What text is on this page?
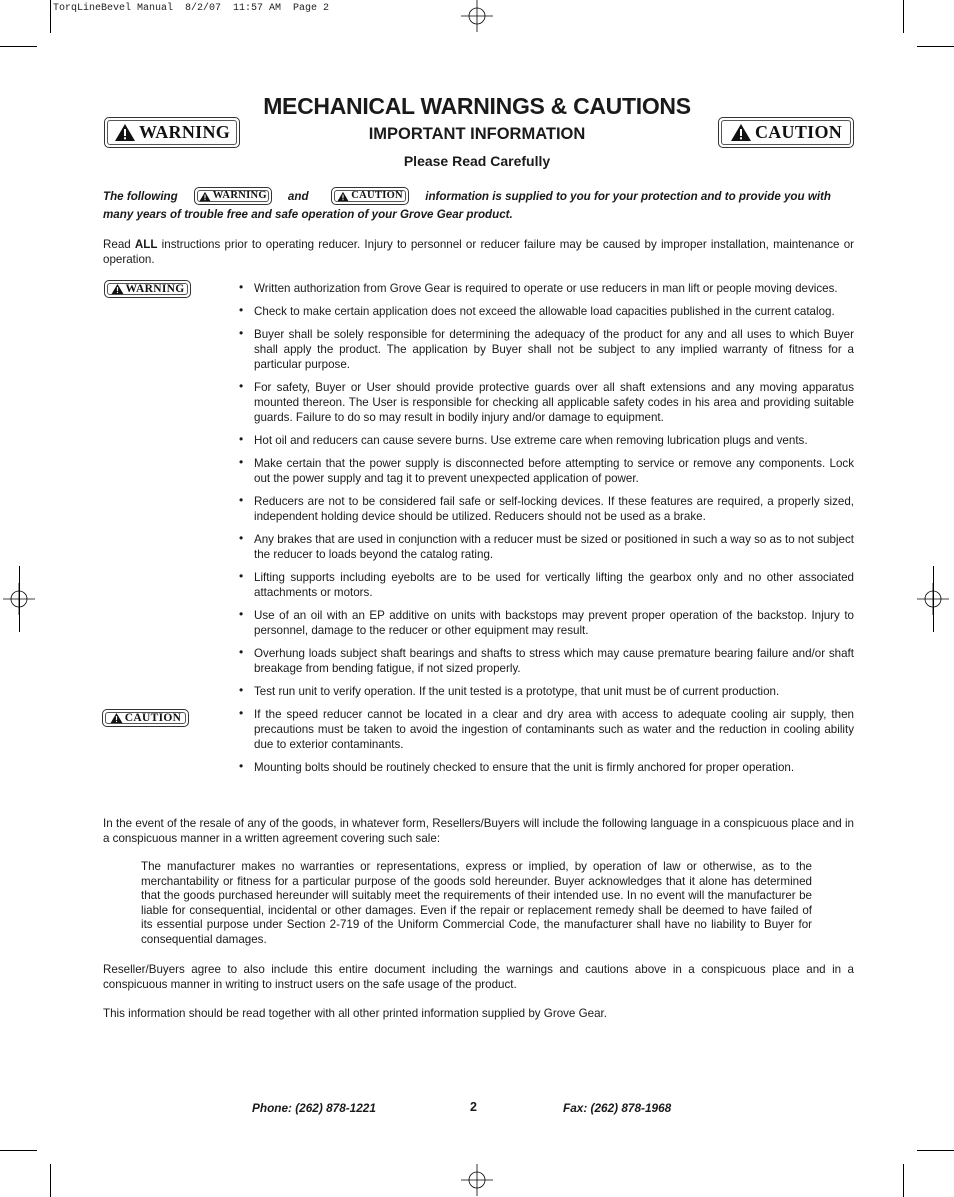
TorqLineBevel Manual  8/2/07  11:57 AM  Page 2
WARNING	CAUTION
MECHANICAL WARNINGS & CAUTIONS
IMPORTANT INFORMATION
Please Read Carefully

The following	WARNING and	CAUTION information is supplied to you for your protection and to provide you with many years of trouble free and safe operation of your Grove Gear product.

Read ALL instructions prior to operating reducer. Injury to personnel or reducer failure may be caused by improper installation, maintenance or operation.

WARNING
CAUTION
• Written authorization from Grove Gear is required to operate or use reducers in man lift or people moving devices.
• Check to make certain application does not exceed the allowable load capacities published in the current catalog.
• Buyer shall be solely responsible for determining the adequacy of the product for any and all uses to which Buyer shall apply the product. The application by Buyer shall not be subject to any implied warranty of fitness for a particular purpose.
• For safety, Buyer or User should provide protective guards over all shaft extensions and any moving apparatus mounted thereon. The User is responsible for checking all applicable safety codes in his area and providing suitable guards. Failure to do so may result in bodily injury and/or damage to equipment.
• Hot oil and reducers can cause severe burns. Use extreme care when removing lubrication plugs and vents.
• Make certain that the power supply is disconnected before attempting to service or remove any components. Lock out the power supply and tag it to prevent unexpected application of power.
• Reducers are not to be considered fail safe or self-locking devices. If these features are required, a properly sized, independent holding device should be utilized. Reducers should not be used as a brake.
• Any brakes that are used in conjunction with a reducer must be sized or positioned in such a way so as to not subject the reducer to loads beyond the catalog rating.
• Lifting supports including eyebolts are to be used for vertically lifting the gearbox only and no other associated attachments or motors.
• Use of an oil with an EP additive on units with backstops may prevent proper operation of the backstop. Injury to personnel, damage to the reducer or other equipment may result.
• Overhung loads subject shaft bearings and shafts to stress which may cause premature bearing failure and/or shaft breakage from bending fatigue, if not sized properly.
• Test run unit to verify operation. If the unit tested is a prototype, that unit must be of current production.
• If the speed reducer cannot be located in a clear and dry area with access to adequate cooling air supply, then precautions must be taken to avoid the ingestion of contaminants such as water and the reduction in cooling ability due to exterior contaminants.
• Mounting bolts should be routinely checked to ensure that the unit is firmly anchored for proper operation.

In the event of the resale of any of the goods, in whatever form, Resellers/Buyers will include the following language in a conspicuous place and in a conspicuous manner in a written agreement covering such sale:

The manufacturer makes no warranties or representations, express or implied, by operation of law or otherwise, as to the merchantability or fitness for a particular purpose of the goods sold hereunder. Buyer acknowledges that it alone has determined that the goods purchased hereunder will suitably meet the requirements of their intended use. In no event will the manufacturer be liable for consequential, incidental or other damages. Even if the repair or replacement remedy shall be deemed to have failed of its essential purpose under Section 2-719 of the Uniform Commercial Code, the manufacturer shall have no liability to Buyer for consequential damages.

Reseller/Buyers agree to also include this entire document including the warnings and cautions above in a conspicuous place and in a conspicuous manner in writing to instruct users on the safe usage of the product.

This information should be read together with all other printed information supplied by Grove Gear.

Phone: (262) 878-1221	2	Fax: (262) 878-1968
